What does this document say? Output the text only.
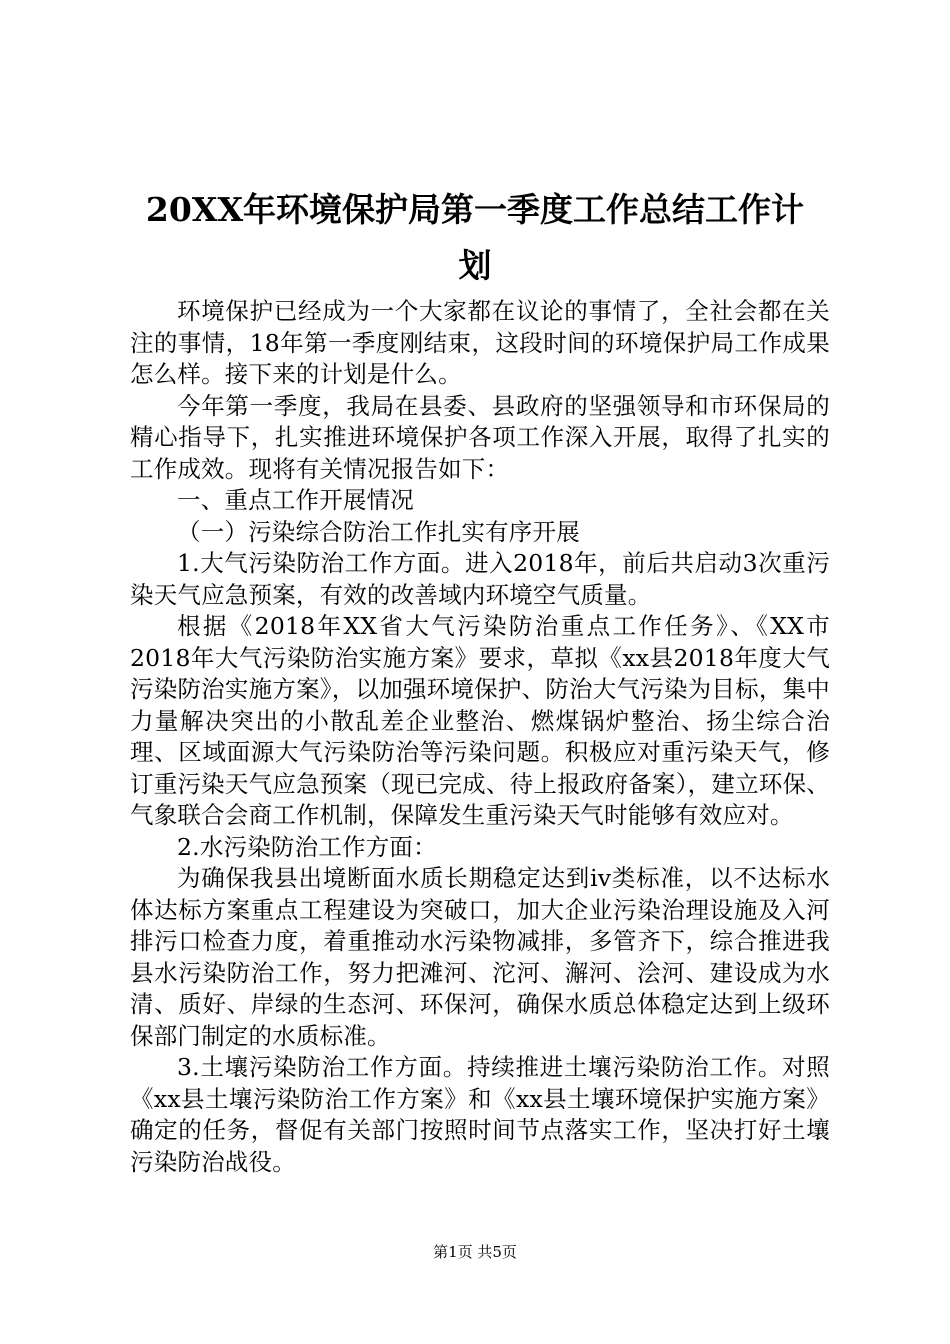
20XX年环境保护局第一季度工作总结工作计
划

环境保护已经成为一个大家都在议论的事情了，全社会都在关注的事情，18年第一季度刚结束，这段时间的环境保护局工作成果怎么样。接下来的计划是什么。

今年第一季度，我局在县委、县政府的坚强领导和市环保局的精心指导下，扎实推进环境保护各项工作深入开展，取得了扎实的工作成效。现将有关情况报告如下：

一、重点工作开展情况

（一）污染综合防治工作扎实有序开展

1.大气污染防治工作方面。进入2018年，前后共启动3次重污染天气应急预案，有效的改善域内环境空气质量。

根据《2018年XX省大气污染防治重点工作任务》、《XX市2018年大气污染防治实施方案》要求，草拟《xx县2018年度大气污染防治实施方案》，以加强环境保护、防治大气污染为目标，集中力量解决突出的小散乱差企业整治、燃煤锅炉整治、扬尘综合治理、区域面源大气污染防治等污染问题。积极应对重污染天气，修订重污染天气应急预案（现已完成、待上报政府备案），建立环保、气象联合会商工作机制，保障发生重污染天气时能够有效应对。

2.水污染防治工作方面：

为确保我县出境断面水质长期稳定达到iv类标准，以不达标水体达标方案重点工程建设为突破口，加大企业污染治理设施及入河排污口检查力度，着重推动水污染物减排，多管齐下，综合推进我县水污染防治工作，努力把滩河、沱河、澥河、浍河、建设成为水清、质好、岸绿的生态河、环保河，确保水质总体稳定达到上级环保部门制定的水质标准。

3.土壤污染防治工作方面。持续推进土壤污染防治工作。对照《xx县土壤污染防治工作方案》和《xx县土壤环境保护实施方案》确定的任务，督促有关部门按照时间节点落实工作，坚决打好土壤污染防治战役。

第1页 共5页
